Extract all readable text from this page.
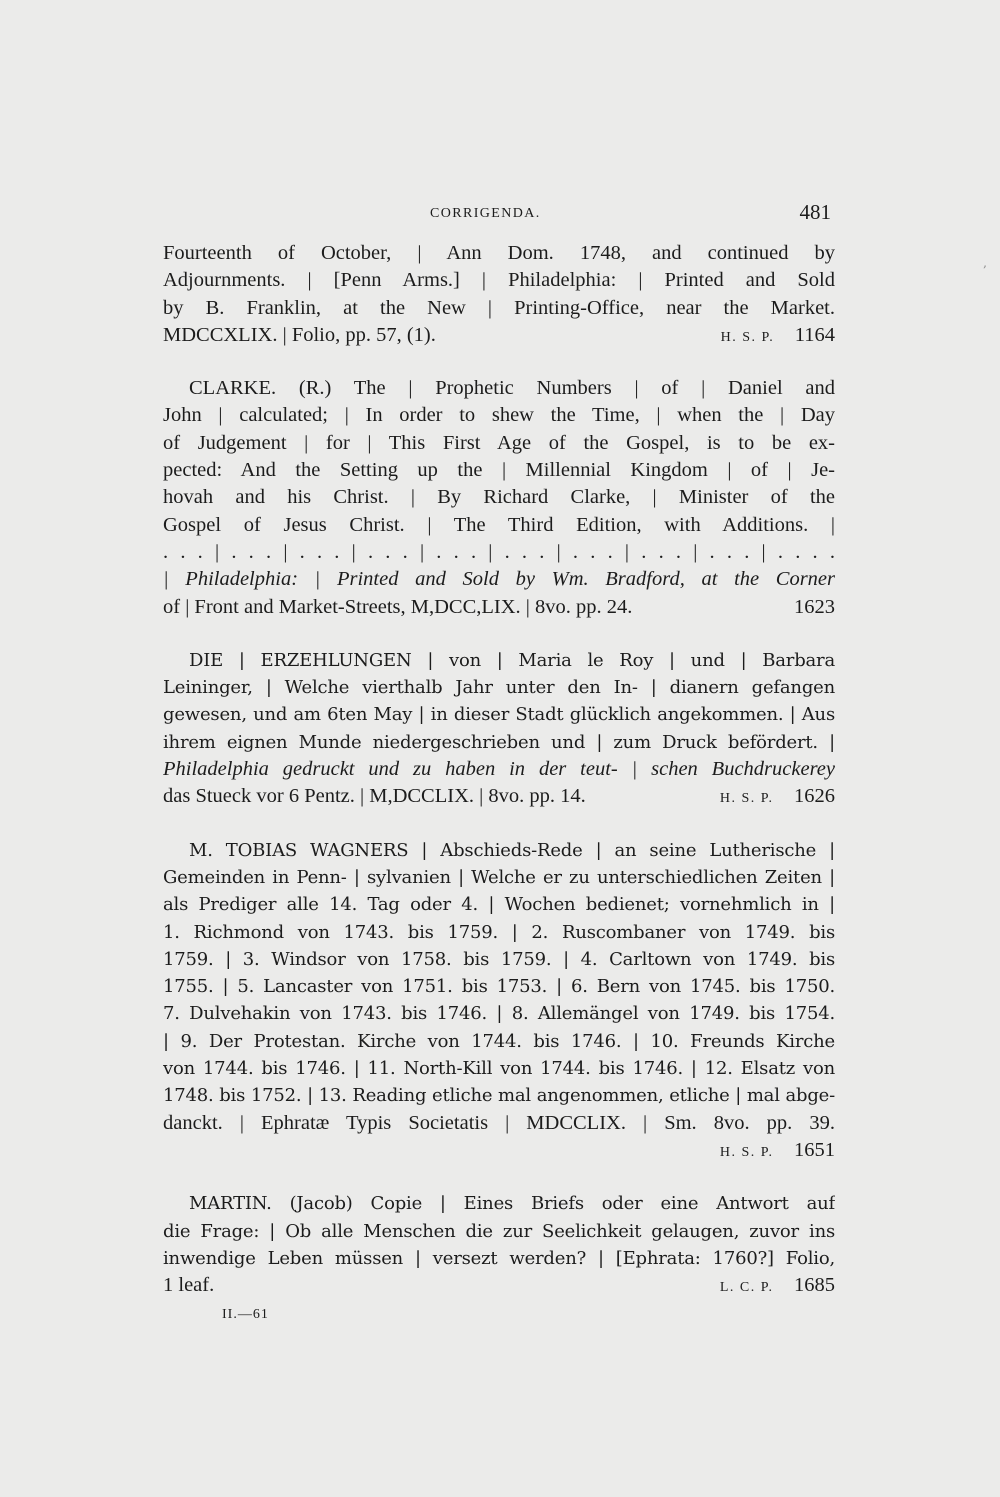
‚
CORRIGENDA.	481
Fourteenth of October, | Ann Dom. 1748, and continued by
Adjournments. | [Penn Arms.] | Philadelphia: | Printed and Sold
by B. Franklin, at the New | Printing-Office, near the Market.
MDCCXLIX. | Folio, pp. 57, (1).	H. S. P. 1164
CLARKE. (R.) The | Prophetic Numbers | of | Daniel and
John | calculated; | In order to shew the Time, | when the | Day
of Judgement | for | This First Age of the Gospel, is to be ex-
pected: And the Setting up the | Millennial Kingdom | of | Je-
hovah and his Christ. | By Richard Clarke, | Minister of the
Gospel of Jesus Christ. | The Third Edition, with Additions. |
. . . | . . . | . . . | . . . | . . . | . . . | . . . | . . . | . . . | . . . .
| Philadelphia: | Printed and Sold by Wm. Bradford, at the Corner
of | Front and Market-Streets, M,DCC,LIX. | 8vo. pp. 24.	1623
DIE | ERZEHLUNGEN | von | Maria le Roy | und | Barbara
Leininger, | Welche vierthalb Jahr unter den In- | dianern gefangen
gewesen, und am 6ten May | in dieser Stadt glücklich angekommen. | Aus
ihrem eignen Munde niedergeschrieben und | zum Druck befördert. |
Philadelphia gedruckt und zu haben in der teut- | schen Buchdruckerey
das Stueck vor 6 Pentz. | M,DCCLIX. | 8vo. pp. 14.	H. S. P. 1626
M. TOBIAS WAGNERS | Abschieds-Rede | an seine Lutherische |
Gemeinden in Penn- | sylvanien | Welche er zu unterschiedlichen Zeiten |
als Prediger alle 14. Tag oder 4. | Wochen bedienet; vornehmlich in |
1. Richmond von 1743. bis 1759. | 2. Ruscombaner von 1749. bis
1759. | 3. Windsor von 1758. bis 1759. | 4. Carltown von 1749. bis
1755. | 5. Lancaster von 1751. bis 1753. | 6. Bern von 1745. bis 1750.
7. Dulvehakin von 1743. bis 1746. | 8. Allemängel von 1749. bis 1754.
| 9. Der Protestan. Kirche von 1744. bis 1746. | 10. Freunds Kirche
von 1744. bis 1746. | 11. North-Kill von 1744. bis 1746. | 12. Elsatz von
1748. bis 1752. | 13. Reading etliche mal angenommen, etliche | mal abge-
danckt. | Ephratæ Typis Societatis | MDCCLIX. | Sm. 8vo. pp. 39.
H. S. P. 1651
MARTIN. (Jacob) Copie | Eines Briefs oder eine Antwort auf
die Frage: | Ob alle Menschen die zur Seelichkeit gelaugen, zuvor ins
inwendige Leben müssen | versezt werden? | [Ephrata: 1760?] Folio,
1 leaf.	L. C. P. 1685
II.—61
